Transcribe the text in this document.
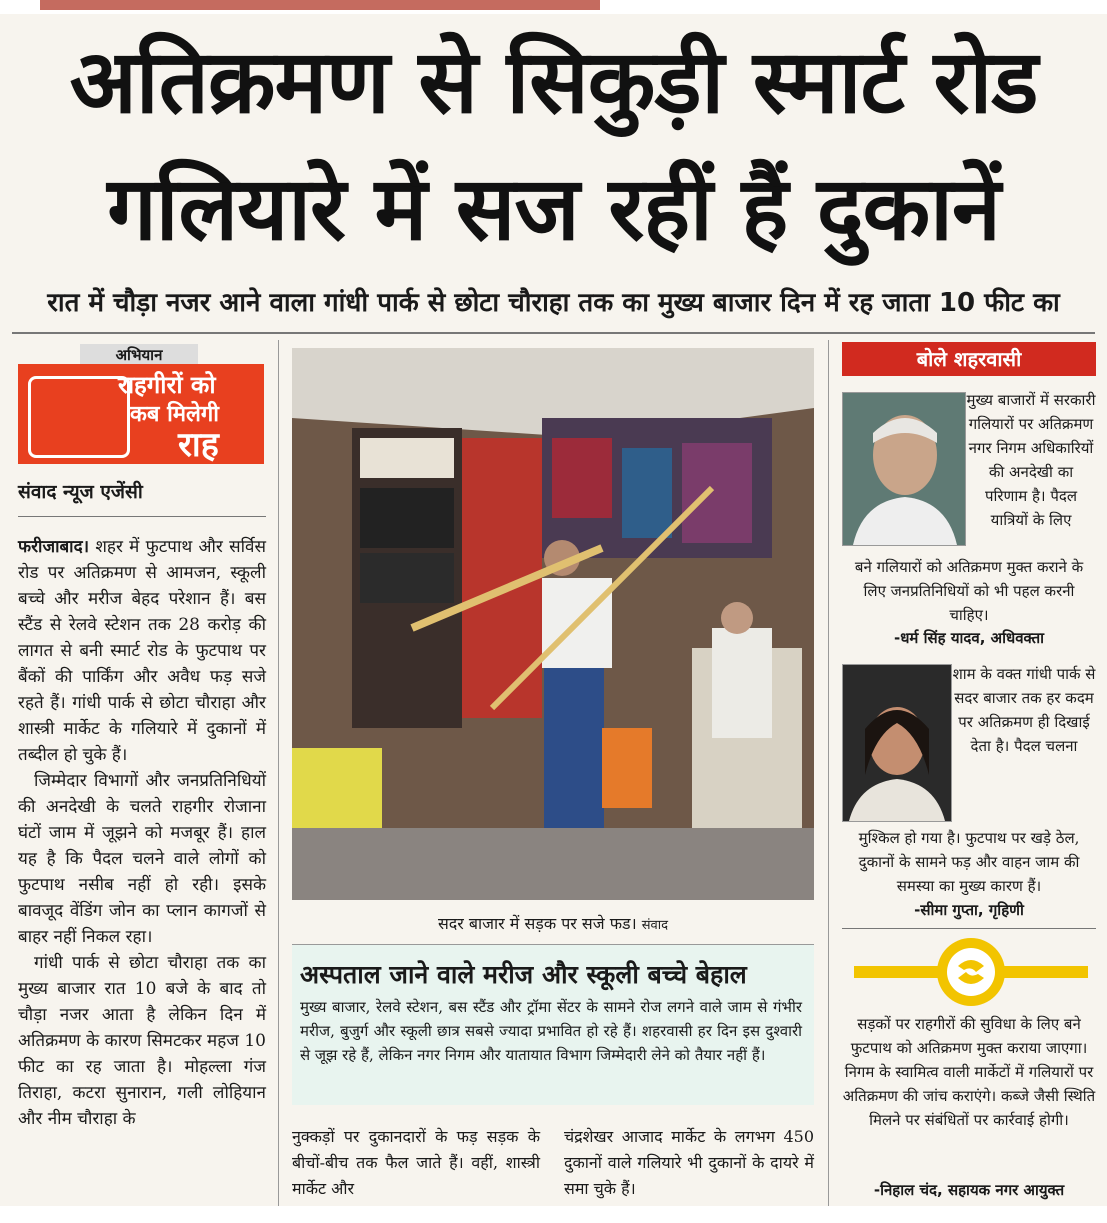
अतिक्रमण से सिकुड़ी स्मार्ट रोड
गलियारे में सज रहीं हैं दुकानें
रात में चौड़ा नजर आने वाला गांधी पार्क से छोटा चौराहा तक का मुख्य बाजार दिन में रह जाता 10 फीट का
अभियान
राहगीरों को
कब मिलेगी
राह
संवाद न्यूज एजेंसी

फरीजाबाद। शहर में फुटपाथ और सर्विस रोड पर अतिक्रमण से आमजन, स्कूली बच्चे और मरीज बेहद परेशान हैं। बस स्टैंड से रेलवे स्टेशन तक 28 करोड़ की लागत से बनी स्मार्ट रोड के फुटपाथ पर बैंकों की पार्किंग और अवैध फड़ सजे रहते हैं। गांधी पार्क से छोटा चौराहा और शास्त्री मार्केट के गलियारे में दुकानों में तब्दील हो चुके हैं।

जिम्मेदार विभागों और जनप्रतिनिधियों की अनदेखी के चलते राहगीर रोजाना घंटों जाम में जूझने को मजबूर हैं। हाल यह है कि पैदल चलने वाले लोगों को फुटपाथ नसीब नहीं हो रही। इसके बावजूद वेंडिंग जोन का प्लान कागजों से बाहर नहीं निकल रहा।

गांधी पार्क से छोटा चौराहा तक का मुख्य बाजार रात 10 बजे के बाद तो चौड़ा नजर आता है लेकिन दिन में अतिक्रमण के कारण सिमटकर महज 10 फीट का रह जाता है। मोहल्ला गंज तिराहा, कटरा सुनारान, गली लोहियान और नीम चौराहा के

सदर बाजार में सड़क पर सजे फड। संवाद
अस्पताल जाने वाले मरीज और स्कूली बच्चे बेहाल
मुख्य बाजार, रेलवे स्टेशन, बस स्टैंड और ट्रॉमा सेंटर के सामने रोज लगने वाले जाम से गंभीर मरीज, बुजुर्ग और स्कूली छात्र सबसे ज्यादा प्रभावित हो रहे हैं। शहरवासी हर दिन इस दुश्वारी से जूझ रहे हैं, लेकिन नगर निगम और यातायात विभाग जिम्मेदारी लेने को तैयार नहीं हैं।
नुक्कड़ों पर दुकानदारों के फड़ सड़क के बीचों-बीच तक फैल जाते हैं। वहीं, शास्त्री मार्केट और
चंद्रशेखर आजाद मार्केट के लगभग 450 दुकानों वाले गलियारे भी दुकानों के दायरे में समा चुके हैं।
बोले शहरवासी
मुख्य बाजारों में सरकारी गलियारों पर अतिक्रमण नगर निगम अधिकारियों की अनदेखी का परिणाम है। पैदल यात्रियों के लिए
बने गलियारों को अतिक्रमण मुक्त कराने के लिए जनप्रतिनिधियों को भी पहल करनी चाहिए।
-धर्म सिंह यादव, अधिवक्ता
शाम के वक्त गांधी पार्क से सदर बाजार तक हर कदम पर अतिक्रमण ही दिखाई देता है। पैदल चलना
मुश्किल हो गया है। फुटपाथ पर खड़े ठेल, दुकानों के सामने फड़ और वाहन जाम की समस्या का मुख्य कारण हैं।
-सीमा गुप्ता, गृहिणी
सड़कों पर राहगीरों की सुविधा के लिए बने फुटपाथ को अतिक्रमण मुक्त कराया जाएगा। निगम के स्वामित्व वाली मार्केटों में गलियारों पर अतिक्रमण की जांच कराएंगे। कब्जे जैसी स्थिति मिलने पर संबंधितों पर कार्रवाई होगी।
-निहाल चंद, सहायक नगर आयुक्त
